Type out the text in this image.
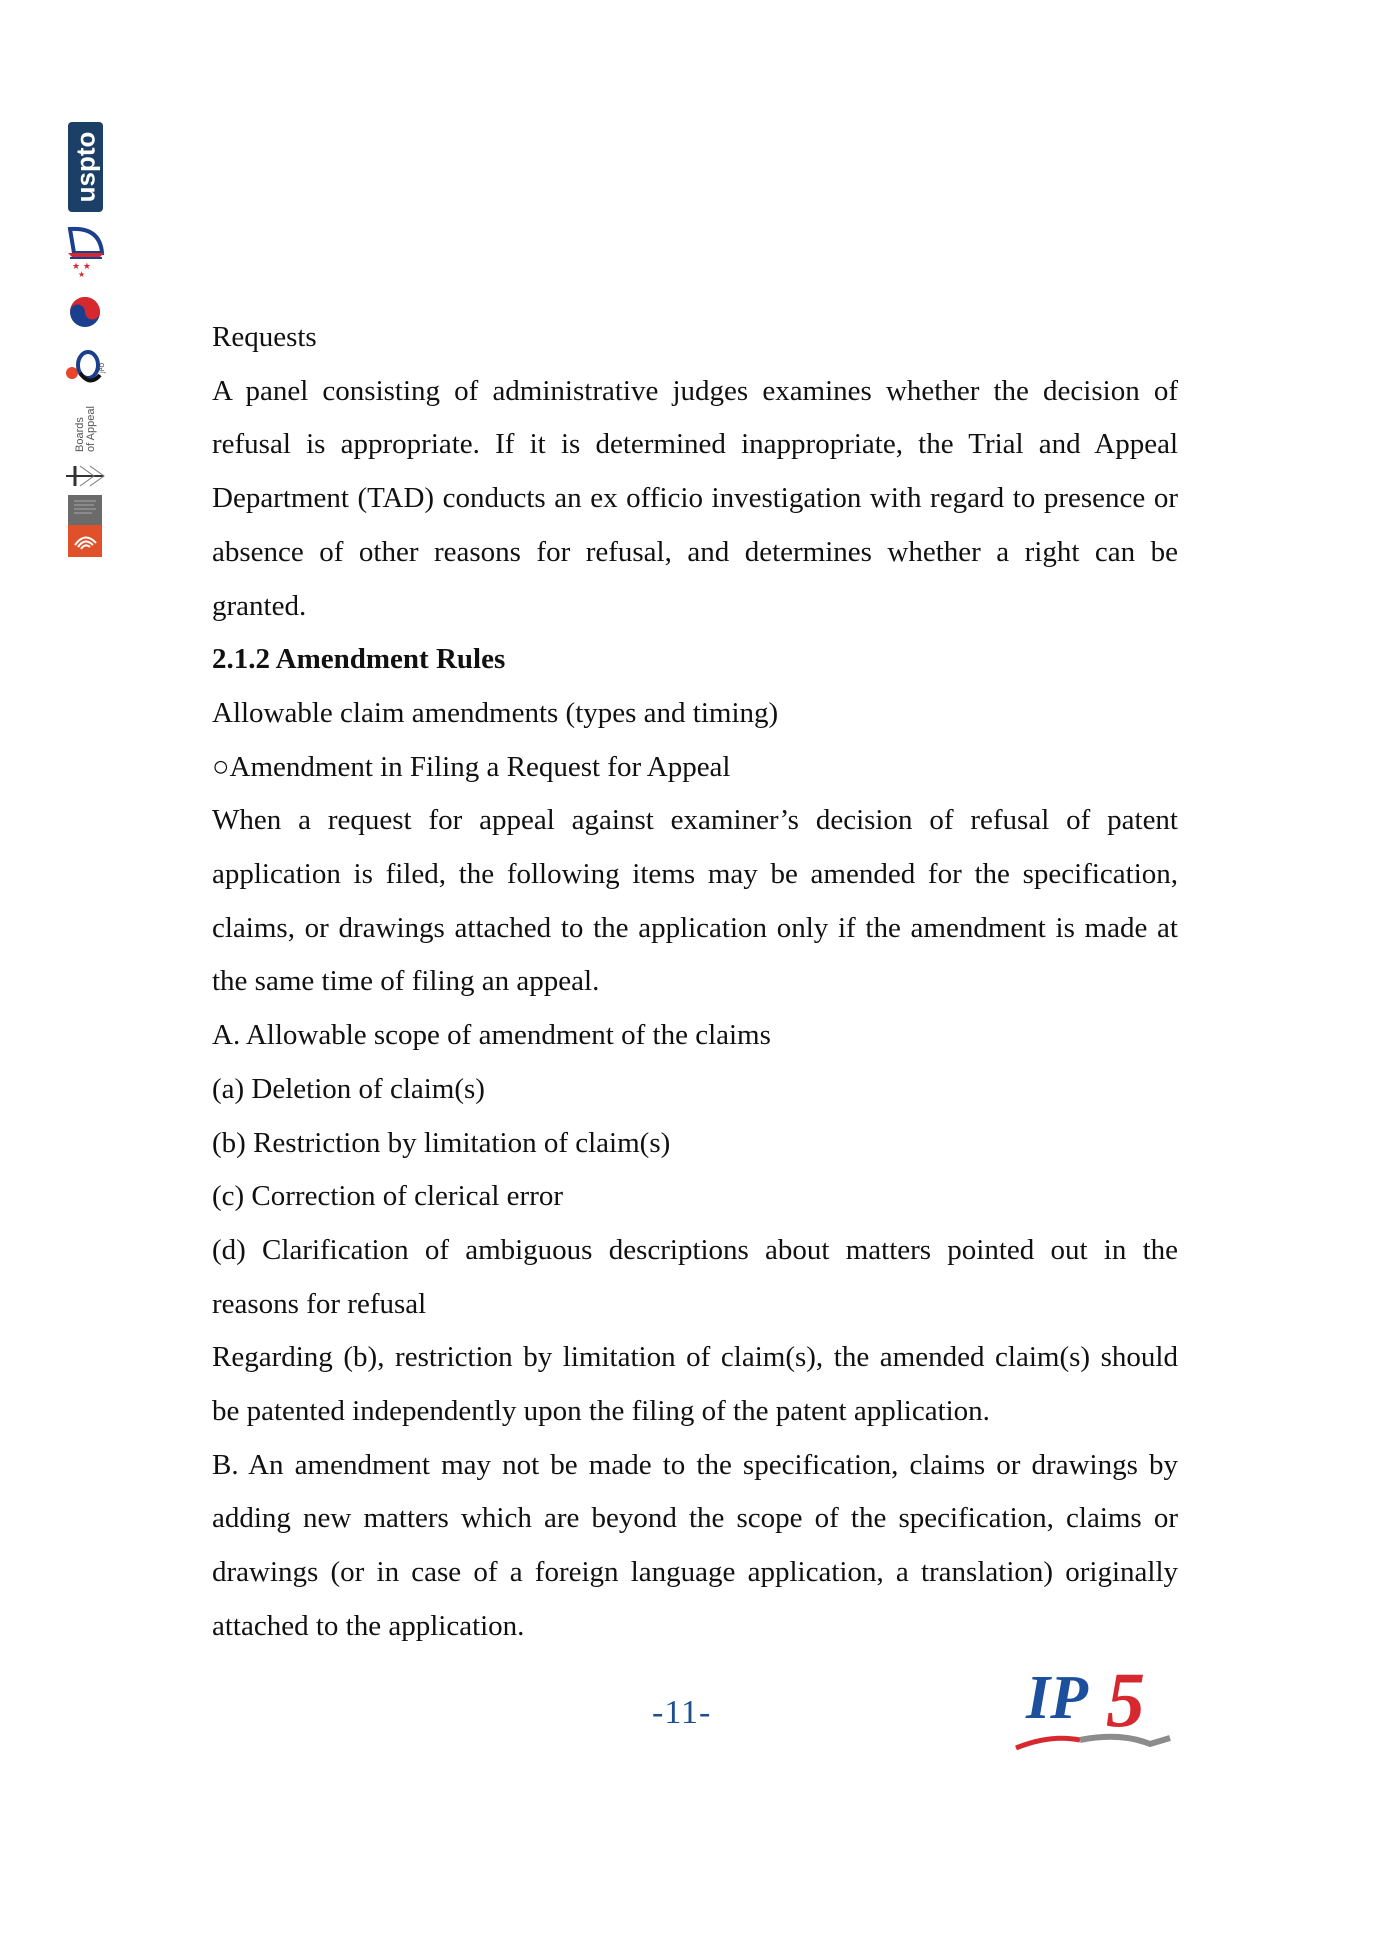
uspto
★ ★
★
JPO
Boards of Appeal

Requests

A panel consisting of administrative judges examines whether the decision of refusal is appropriate. If it is determined inappropriate, the Trial and Appeal Department (TAD) conducts an ex officio investigation with regard to presence or absence of other reasons for refusal, and determines whether a right can be granted.

2.1.2 Amendment Rules

Allowable claim amendments (types and timing)

○Amendment in Filing a Request for Appeal

When a request for appeal against examiner’s decision of refusal of patent application is filed, the following items may be amended for the specification, claims, or drawings attached to the application only if the amendment is made at the same time of filing an appeal.

A. Allowable scope of amendment of the claims

(a) Deletion of claim(s)

(b) Restriction by limitation of claim(s)

(c) Correction of clerical error

(d) Clarification of ambiguous descriptions about matters pointed out in the reasons for refusal

Regarding (b), restriction by limitation of claim(s), the amended claim(s) should be patented independently upon the filing of the patent application.

B. An amendment may not be made to the specification, claims or drawings by adding new matters which are beyond the scope of the specification, claims or drawings (or in case of a foreign language application, a translation) originally attached to the application.

-11-	IP 5
